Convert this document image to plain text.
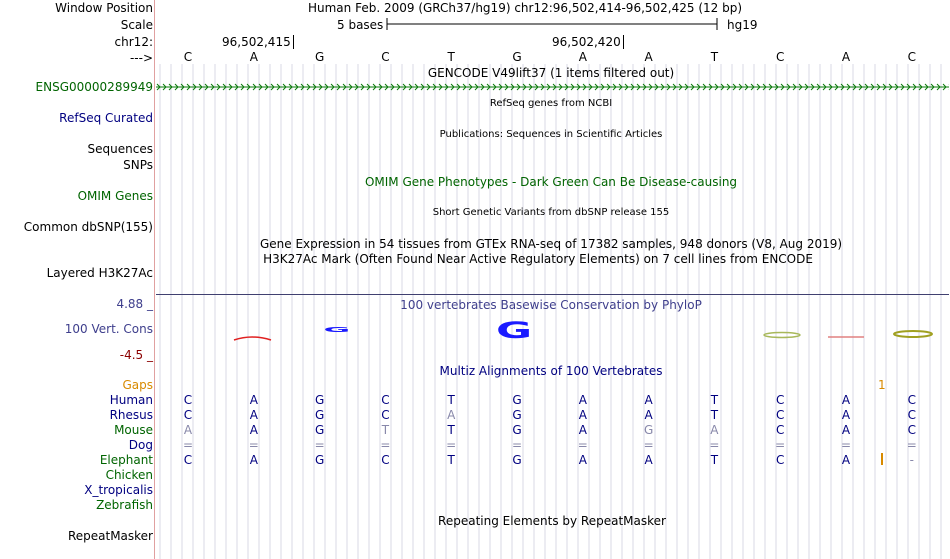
Window Position
Scale
chr12:
--->
ENSG00000289949
RefSeq Curated
Sequences
SNPs
OMIM Genes
Common dbSNP(155)
Layered H3K27Ac
4.88 _
100 Vert. Cons
-4.5 _
RepeatMasker
Human Feb. 2009 (GRCh37/hg19) chr12:96,502,414-96,502,425 (12 bp)
5 bases	hg19
96,502,415	96,502,420
C	A	G	C	T	G	A	A	T	C	A	C
GENCODE V49lift37 (1 items filtered out)
RefSeq genes from NCBI
Publications: Sequences in Scientific Articles
OMIM Gene Phenotypes - Dark Green Can Be Disease-causing
Short Genetic Variants from dbSNP release 155
Gene Expression in 54 tissues from GTEx RNA-seq of 17382 samples, 948 donors (V8, Aug 2019)
H3K27Ac Mark (Often Found Near Active Regulatory Elements) on 7 cell lines from ENCODE
100 vertebrates Basewise Conservation by PhyloP
G	G
Multiz Alignments of 100 Vertebrates
Gaps	1
Human	C	A	G	C	T	G	A	A	T	C	A	C
Rhesus	C	A	G	C	A	G	A	A	T	C	A	C
Mouse	A	A	G	T	T	G	A	G	A	C	A	C
Dog	=	=	=	=	=	=	=	=	=	=	=	=
Elephant	C	A	G	C	T	G	A	A	T	C	A	-
Chicken
X_tropicalis
Zebrafish
Repeating Elements by RepeatMasker
